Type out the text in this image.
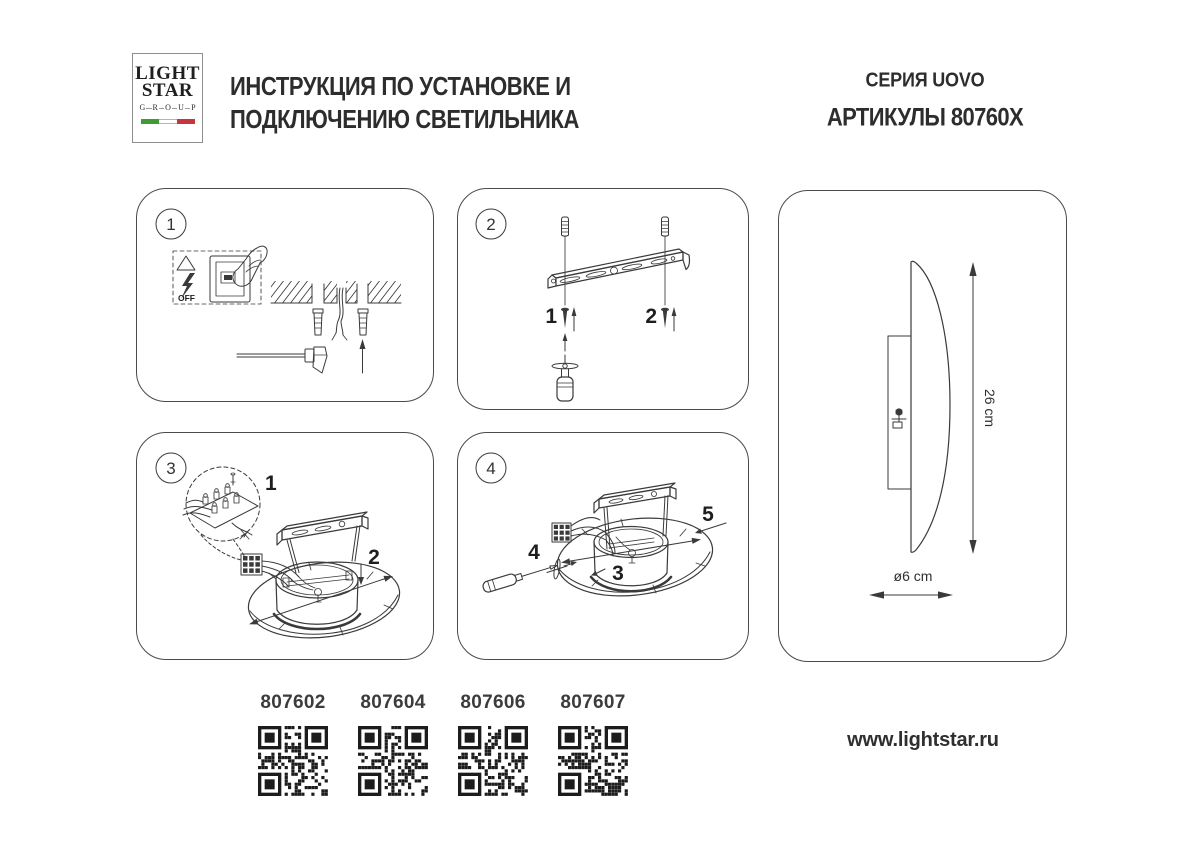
LIGHT
STAR
G R O U P
ИНСТРУКЦИЯ ПО УСТАНОВКЕ И
ПОДКЛЮЧЕНИЮ СВЕТИЛЬНИКА
СЕРИЯ UOVO
АРТИКУЛЫ 80760X
1
OFF
2
1	2
3
1
2
4
3
4
5
26 cm
ø6 cm
807602 807604 807606 807607
www.lightstar.ru
